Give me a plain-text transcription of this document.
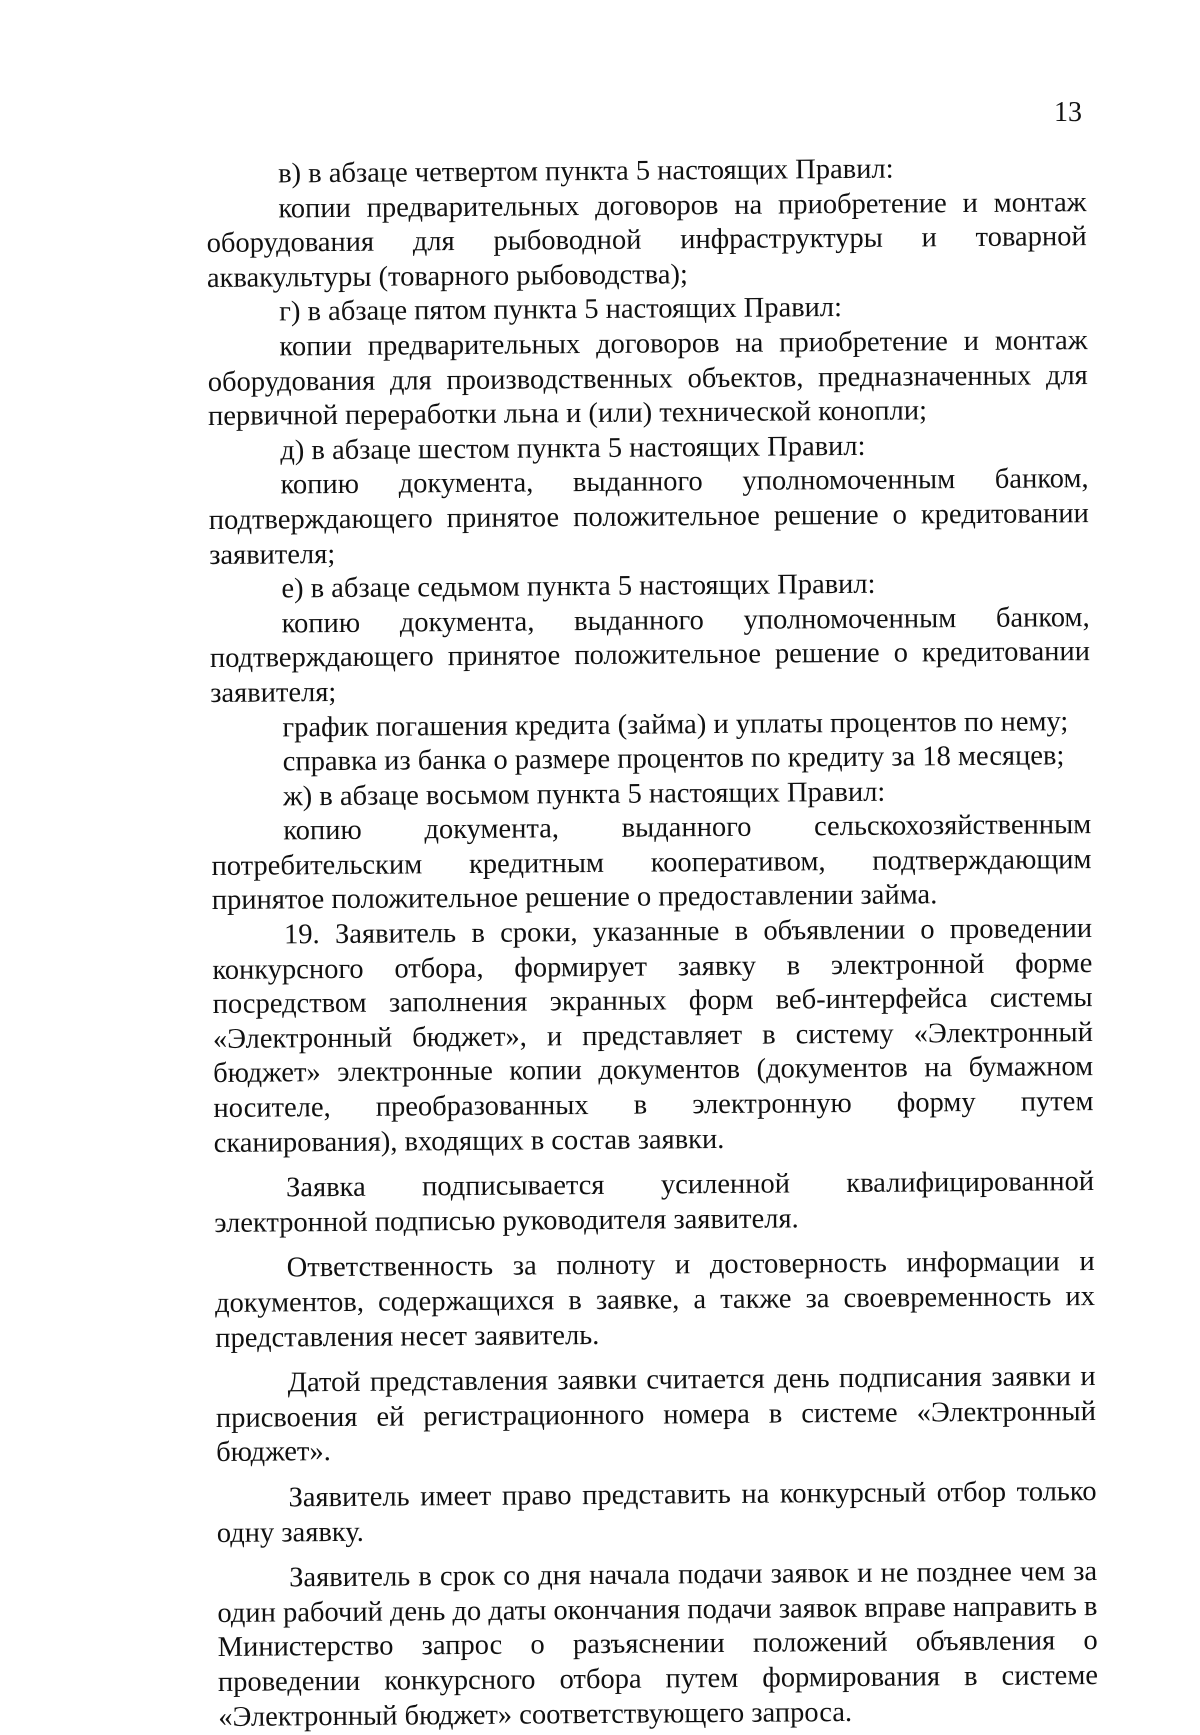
13

в) в абзаце четвертом пункта 5 настоящих Правил:

копии предварительных договоров на приобретение и монтаж оборудования для рыбоводной инфраструктуры и товарной аквакультуры (товарного рыбоводства);

г) в абзаце пятом пункта 5 настоящих Правил:

копии предварительных договоров на приобретение и монтаж оборудования для производственных объектов, предназначенных для первичной переработки льна и (или) технической конопли;

д) в абзаце шестом пункта 5 настоящих Правил:

копию документа, выданного уполномоченным банком, подтверждающего принятое положительное решение о кредитовании заявителя;

е) в абзаце седьмом пункта 5 настоящих Правил:

копию документа, выданного уполномоченным банком, подтверждающего принятое положительное решение о кредитовании заявителя;

график погашения кредита (займа) и уплаты процентов по нему;

справка из банка о размере процентов по кредиту за 18 месяцев;

ж) в абзаце восьмом пункта 5 настоящих Правил:

копию документа, выданного сельскохозяйственным потребительским кредитным кооперативом, подтверждающим принятое положительное решение о предоставлении займа.

19. Заявитель в сроки, указанные в объявлении о проведении конкурсного отбора, формирует заявку в электронной форме посредством заполнения экранных форм веб-интерфейса системы «Электронный бюджет», и представляет в систему «Электронный бюджет» электронные копии документов (документов на бумажном носителе, преобразованных в электронную форму путем сканирования), входящих в состав заявки.

Заявка подписывается усиленной квалифицированной электронной подписью руководителя заявителя.

Ответственность за полноту и достоверность информации и документов, содержащихся в заявке, а также за своевременность их представления несет заявитель.

Датой представления заявки считается день подписания заявки и присвоения ей регистрационного номера в системе «Электронный бюджет».

Заявитель имеет право представить на конкурсный отбор только одну заявку.

Заявитель в срок со дня начала подачи заявок и не позднее чем за один рабочий день до даты окончания подачи заявок вправе направить в Министерство запрос о разъяснении положений объявления о проведении конкурсного отбора путем формирования в системе «Электронный бюджет» соответствующего запроса.
